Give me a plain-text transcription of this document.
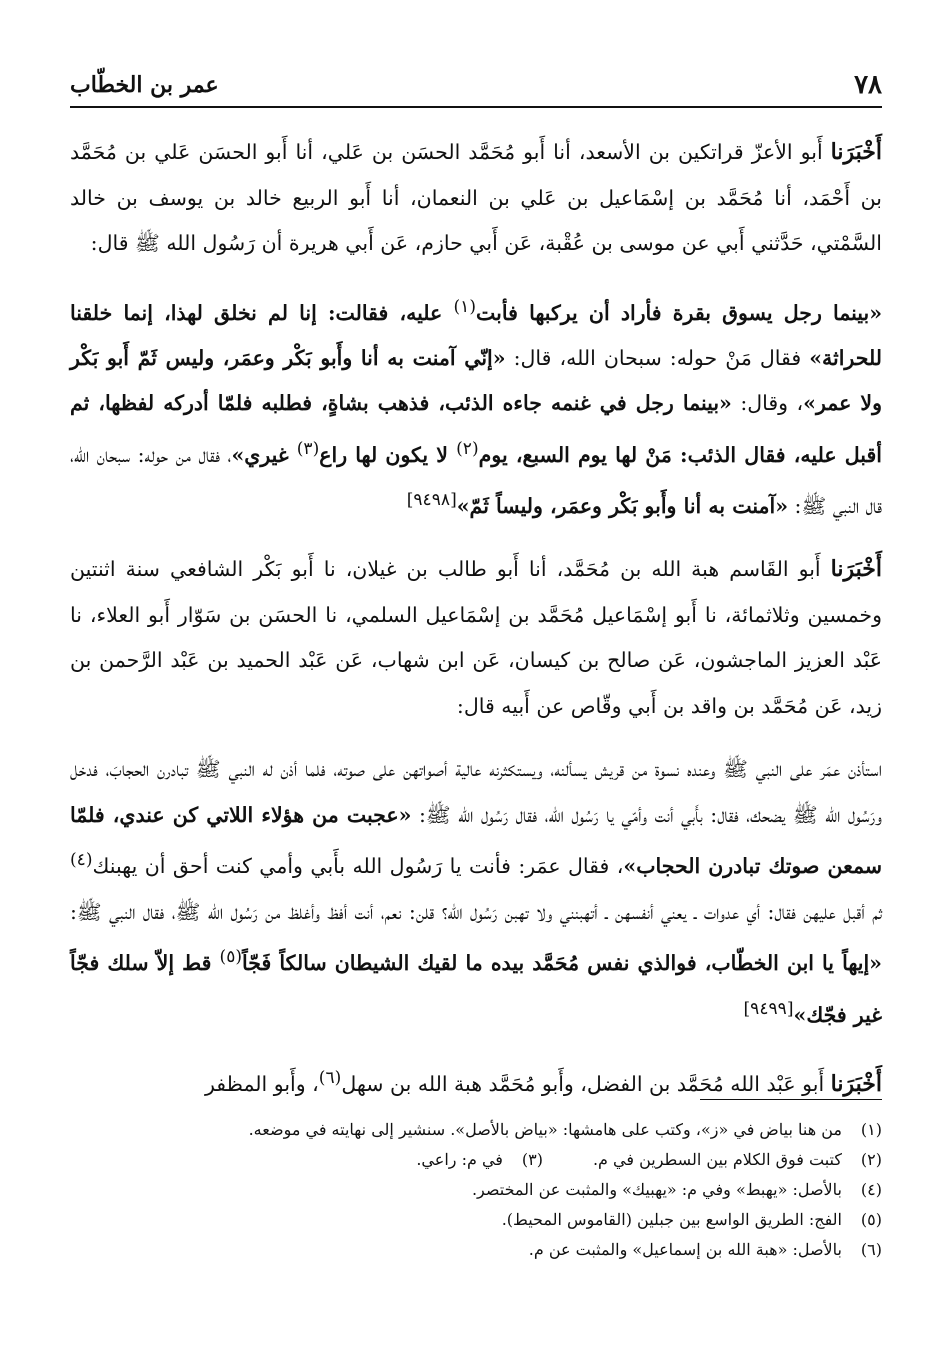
٧٨
عمر بن الخطّاب

أَخْبَرَنا أَبو الأعزّ قراتكين بن الأسعد، أنا أَبو مُحَمَّد الحسَن بن عَلي، أنا أَبو الحسَن عَلي بن مُحَمَّد بن أَحْمَد، أنا مُحَمَّد بن إسْمَاعيل بن عَلي بن النعمان، أنا أَبو الربيع خالد بن يوسف بن خالد السَّمْتي، حَدَّثني أَبي عن موسى بن عُقْبة، عَن أَبي حازم، عَن أَبي هريرة أن رَسُول الله ﷺ قال:

«بينما رجل يسوق بقرة فأراد أن يركبها فأبت$^{(١)}$ عليه، فقالت: إنا لم نخلق لهذا، إنما خلقنا للحراثة» فقال مَنْ حوله: سبحان الله، قال: «إنّي آمنت به أنا وأَبو بَكْر وعمَر، وليس ثَمّ أَبو بَكْر ولا عمر»، وقال: «بينما رجل في غنمه جاءه الذئب، فذهب بشاةٍ، فطلبه فلمّا أدركه لفظها، ثم أقبل عليه، فقال الذئب: مَنْ لها يوم السبع، يوم$^{(٢)}$ لا يكون لها راع$^{(٣)}$ غيري»، فقال من حوله: سبحان الله، قال النبي ﷺ: «آمنت به أنا وأَبو بَكْر وعمَر، وليساً ثَمّ»[٩٤٩٨]

أَخْبَرَنا أَبو القَاسم هبة الله بن مُحَمَّد، أنا أَبو طالب بن غيلان، نا أَبو بَكْر الشافعي سنة اثنتين وخمسين وثلاثمائة، نا أَبو إسْمَاعيل مُحَمَّد بن إسْمَاعيل السلمي، نا الحسَن بن سَوّار أَبو العلاء، نا عَبْد العزيز الماجشون، عَن صالح بن كيسان، عَن ابن شهاب، عَن عَبْد الحميد بن عَبْد الرَّحمن بن زيد، عَن مُحَمَّد بن واقد بن أَبي وقّاص عن أَبيه قال:

استأذن عمَر على النبي ﷺ وعنده نسوة من قريش يسألنه، ويستكثرنه عالية أصواتهن على صوته، فلما أذن له النبي ﷺ تبادرن الحجابَ، فدخل ورَسُول الله ﷺ يضحك، فقال: بأَبي أنت وأمّي يا رَسُول الله، فقال رَسُول الله ﷺ: «عجبت من هؤلاء اللاتي كن عندي، فلمّا سمعن صوتك تبادرن الحجاب»، فقال عمَر: فأنت يا رَسُول الله بأَبي وأمي كنت أحق أن يهبنك$^{(٤)}$ ثم أقبل عليهن فقال: أي عدوات ـ يعني أنفسهن ـ أتهبنني ولا تهبن رَسُول الله؟ قلن: نعم، أنت أفظ وأغلظ من رَسُول الله ﷺ، فقال النبي ﷺ: «إيهاً يا ابن الخطّاب، فوالذي نفس مُحَمَّد بيده ما لقيك الشيطان سالكاً فَجّاً$^{(٥)}$ قط إلاّ سلك فجّاً غير فجّك»[٩٤٩٩]

أَخْبَرَنا أَبو عَبْد الله مُحَمَّد بن الفضل، وأَبو مُحَمَّد هبة الله بن سهل$^{(٦)}$، وأَبو المظفر

(١)
من هنا بياض في «ز»، وكتب على هامشها: «بياض بالأصل». سنشير إلى نهايته في موضعه.
(٢)
كتبت فوق الكلام بين السطرين في م.
(٣)
في م: راعي.
(٤)
بالأصل: «يهبط» وفي م: «يهبيك» والمثبت عن المختصر.
(٥)
الفج: الطريق الواسع بين جبلين (القاموس المحيط).
(٦)
بالأصل: «هبة الله بن إسماعيل» والمثبت عن م.
